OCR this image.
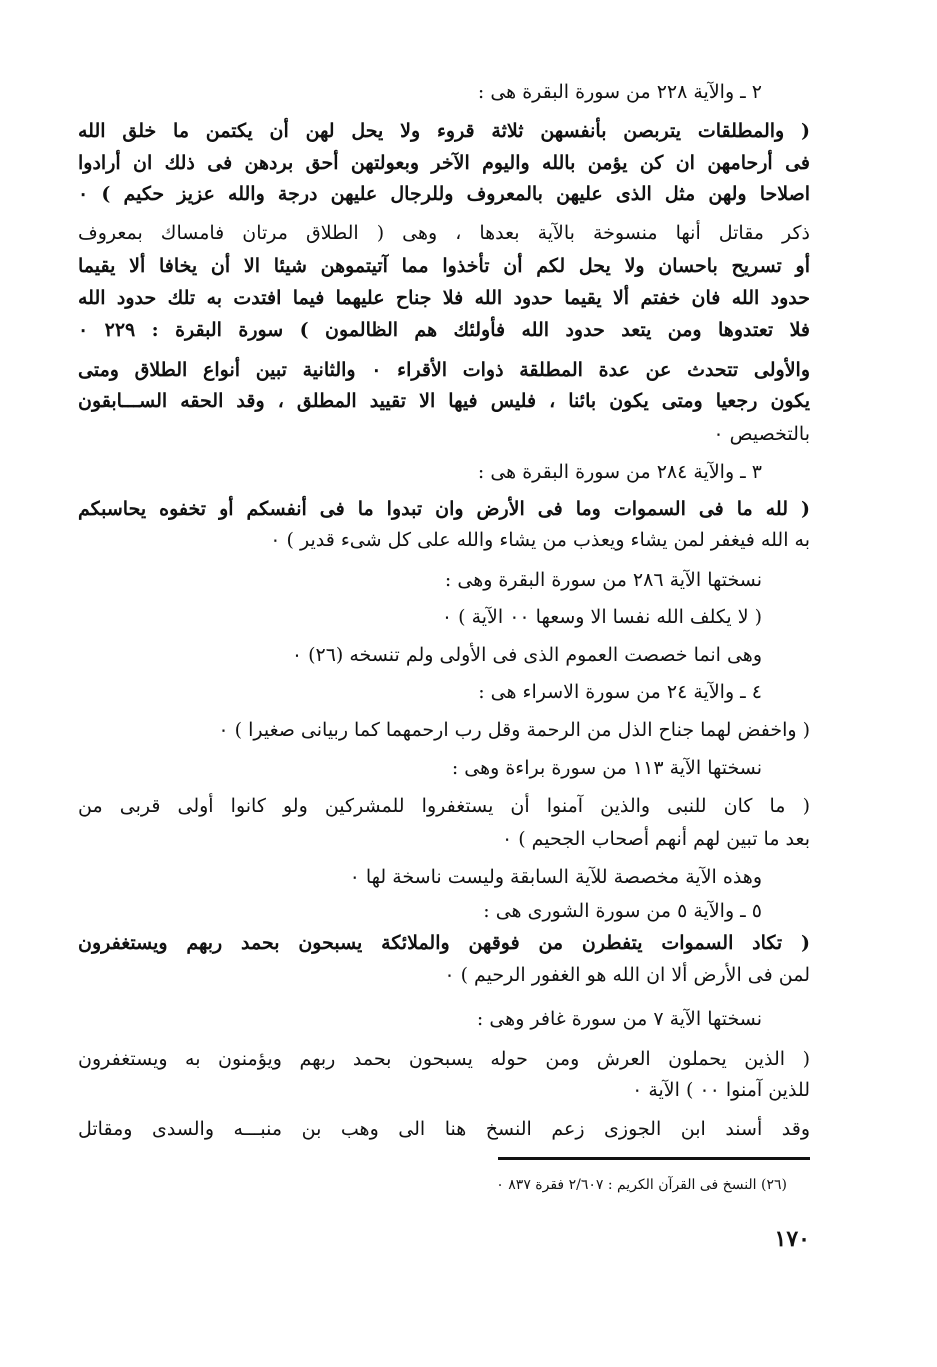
٢ ـ والآية ٢٢٨ من سورة البقرة هى :
( والمطلقات يتربصن بأنفسهن ثلاثة قروء ولا يحل لهن أن يكتمن ما خلق الله
فى أرحامهن ان كن يؤمن بالله واليوم الآخر وبعولتهن أحق بردهن فى ذلك ان أرادوا
اصلاحا ولهن مثل الذى عليهن بالمعروف وللرجال عليهن درجة والله عزيز حكيم ) ٠
ذكر مقاتل أنها منسوخة بالآية بعدها ، وهى ( الطلاق مرتان فامساك بمعروف
أو تسريح باحسان ولا يحل لكم أن تأخذوا مما آتيتموهن شيئا الا أن يخافا ألا يقيما
حدود الله فان خفتم ألا يقيما حدود الله فلا جناح عليهما فيما افتدت به تلك حدود الله
فلا تعتدوها ومن يتعد حدود الله فأولئك هم الظالمون ) سورة البقرة : ٢٢٩ ٠
والأولى تتحدث عن عدة المطلقة ذوات الأقراء ٠ والثانية تبين أنواع الطلاق ومتى
يكون رجعيا ومتى يكون بائنا ، فليس فيها الا تقييد المطلق ، وقد الحقه الســـابقون
بالتخصيص ٠
٣ ـ والآية ٢٨٤ من سورة البقرة هى :
( لله ما فى السموات وما فى الأرض وان تبدوا ما فى أنفسكم أو تخفوه يحاسبكم
به الله فيغفر لمن يشاء ويعذب من يشاء والله على كل شىء قدير ) ٠
نسختها الآية ٢٨٦ من سورة البقرة وهى :
( لا يكلف الله نفسا الا وسعها ٠٠ الآية ) ٠
وهى انما خصصت العموم الذى فى الأولى ولم تنسخه (٢٦) ٠
٤ ـ والآية ٢٤ من سورة الاسراء هى :
( واخفض لهما جناح الذل من الرحمة وقل رب ارحمهما كما ربيانى صغيرا ) ٠
نسختها الآية ١١٣ من سورة براءة وهى :
( ما كان للنبى والذين آمنوا أن يستغفروا للمشركين ولو كانوا أولى قربى من
بعد ما تبين لهم أنهم أصحاب الجحيم ) ٠
وهذه الآية مخصصة للآية السابقة وليست ناسخة لها ٠
٥ ـ والآية ٥ من سورة الشورى هى :
( تكاد السموات يتفطرن من فوقهن والملائكة يسبحون بحمد ربهم ويستغفرون
لمن فى الأرض ألا ان الله هو الغفور الرحيم ) ٠
نسختها الآية ٧ من سورة غافر وهى :
( الذين يحملون العرش ومن حوله يسبحون بحمد ربهم ويؤمنون به ويستغفرون
للذين آمنوا ٠٠ ) الآية ٠
وقد أسند ابن الجوزى زعم النسخ هنا الى وهب بن منبـــه والسدى ومقاتل
(٢٦) النسخ فى القرآن الكريم : ٢/٦٠٧ فقرة ٨٣٧ ٠
١٧٠
